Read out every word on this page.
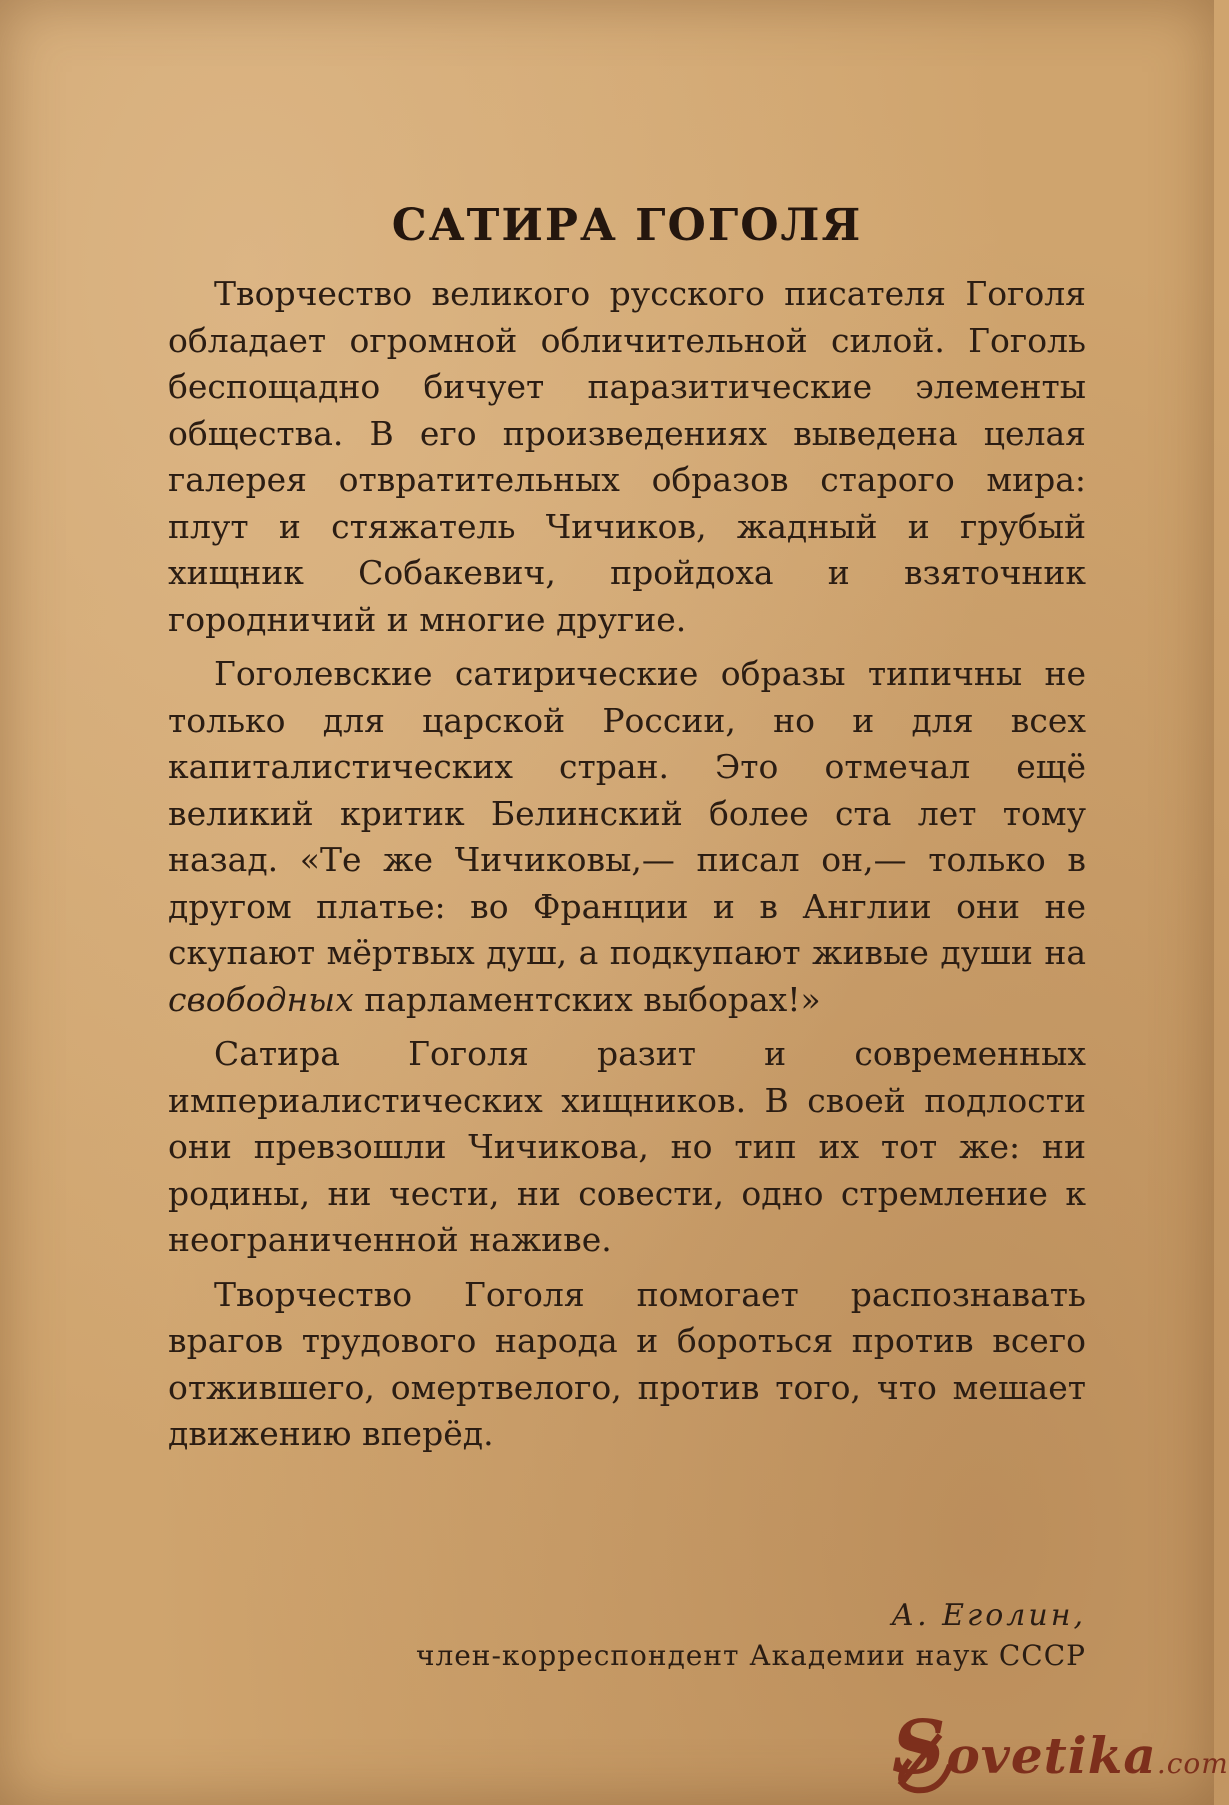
САТИРА ГОГОЛЯ

Творчество великого русского писателя Гоголя обладает огромной обличительной силой. Гоголь беспощадно бичует паразитические элементы общества. В его произведениях выведена целая галерея отвратительных образов старого мира: плут и стяжатель Чичиков, жадный и грубый хищник Собакевич, пройдоха и взяточник городничий и многие другие.

Гоголевские сатирические образы типичны не только для царской России, но и для всех капиталистических стран. Это отмечал ещё великий критик Белинский более ста лет тому назад. «Те же Чичиковы,— писал он,— только в другом платье: во Франции и в Англии они не скупают мёртвых душ, а подкупают живые души на свободных парламентских выборах!»

Сатира Гоголя разит и современных империалистических хищников. В своей подлости они превзошли Чичикова, но тип их тот же: ни родины, ни чести, ни совести, одно стремление к неограниченной наживе.

Творчество Гоголя помогает распознавать врагов трудового народа и бороться против всего отжившего, омертвелого, против того, что мешает движению вперёд.

А. Еголин,
член-корреспондент Академии наук СССР
Sovetika.com
